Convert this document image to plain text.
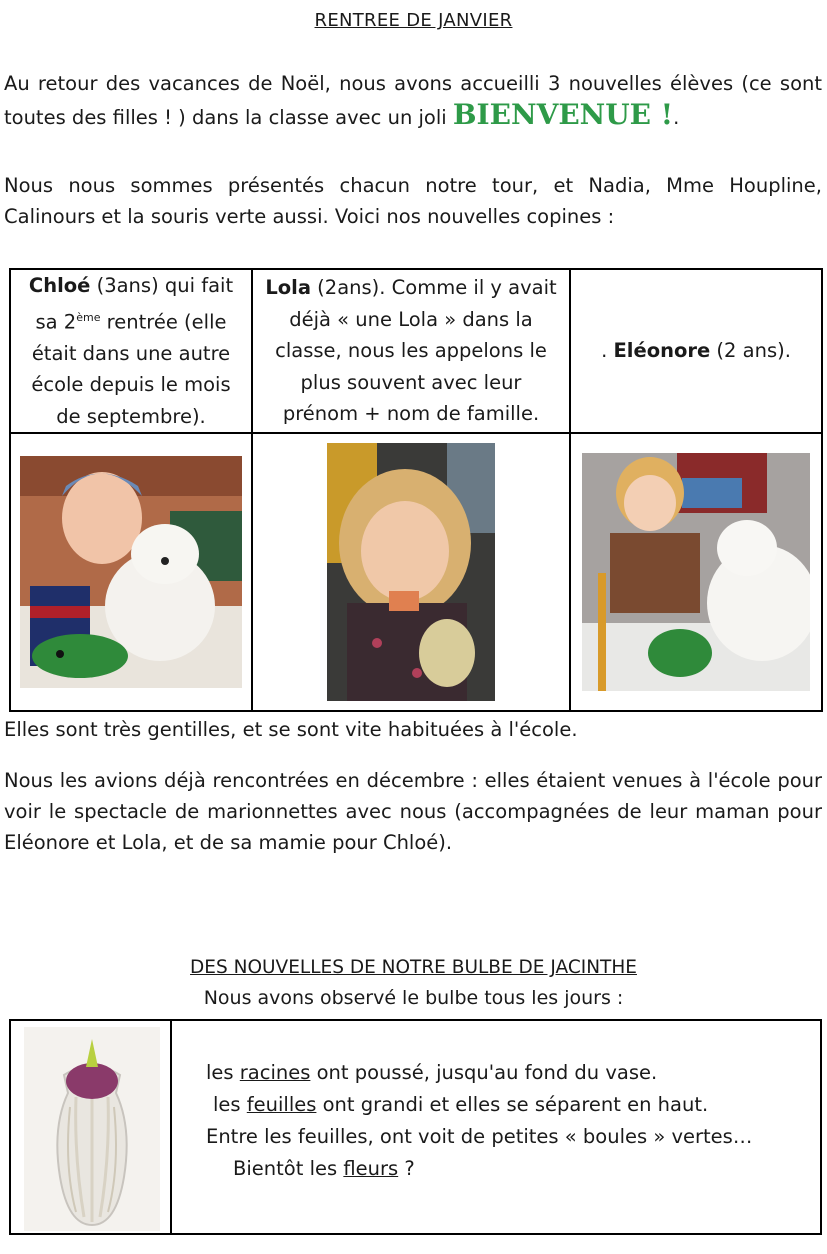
RENTREE DE JANVIER

Au retour des vacances de Noël, nous avons accueilli 3 nouvelles élèves (ce sont toutes des filles ! ) dans la classe avec un joli BIENVENUE !.

Nous nous sommes présentés chacun notre tour, et Nadia, Mme Houpline, Calinours et la souris verte aussi. Voici nos nouvelles copines :

Chloé (3ans) qui fait sa 2ème rentrée (elle était dans une autre école depuis le mois de septembre).	Lola (2ans). Comme il y avait déjà « une Lola » dans la classe, nous les appelons le plus souvent avec leur prénom + nom de famille.	. Eléonore (2 ans).

Elles sont très gentilles, et se sont vite habituées à l'école.

Nous les avions déjà rencontrées en décembre : elles étaient venues à l'école pour voir le spectacle de marionnettes avec nous (accompagnées de leur maman pour Eléonore et Lola, et de sa mamie pour Chloé).

DES NOUVELLES DE NOTRE BULBE DE JACINTHE
Nous avons observé le bulbe tous les jours :
les racines ont poussé, jusqu'au fond du vase.
les feuilles ont grandi et elles se séparent en haut.
Entre les feuilles, ont voit de petites « boules » vertes…
Bientôt les fleurs ?
